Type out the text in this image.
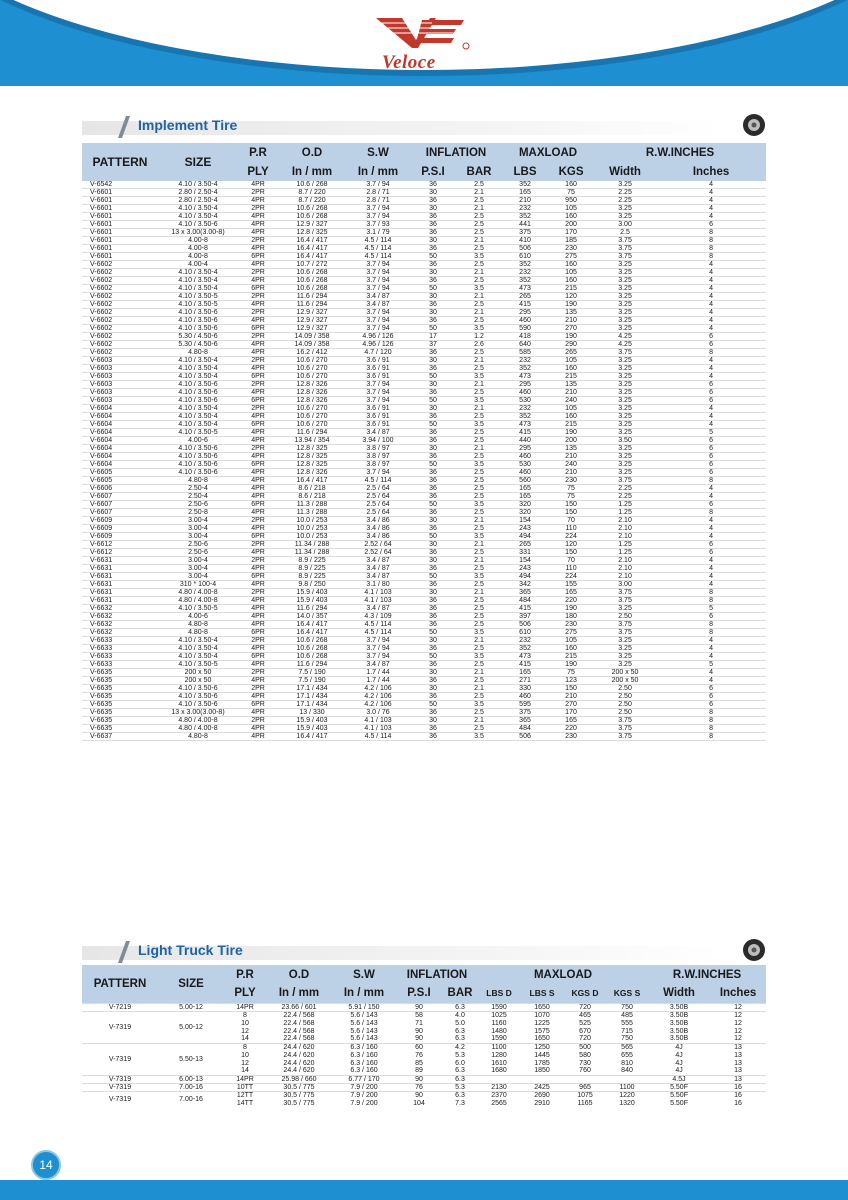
Veloce
Implement Tire
PATTERN	SIZE	P.R	O.D	S.W	INFLATION		MAXLOAD		R.W.INCHES	
		PLY	In / mm	In / mm	P.S.I	BAR	LBS	KGS	Width	Inches
V-6542	4.10 / 3.50-4	4PR	10.6 / 268	3.7 / 94	36	2.5	352	160	3.25	4
V-6601	2.80 / 2.50-4	2PR	8.7 / 220	2.8 / 71	30	2.1	165	75	2.25	4
V-6601	2.80 / 2.50-4	4PR	8.7 / 220	2.8 / 71	36	2.5	210	950	2.25	4
V-6601	4.10 / 3.50-4	2PR	10.6 / 268	3.7 / 94	30	2.1	232	105	3.25	4
V-6601	4.10 / 3.50-4	4PR	10.6 / 268	3.7 / 94	36	2.5	352	160	3.25	4
V-6601	4.10 / 3.50-6	4PR	12.9 / 327	3.7 / 93	36	2.5	441	200	3.00	6
V-6601	13 x 3.00(3.00-8)	4PR	12.8 / 325	3.1 / 79	36	2.5	375	170	2.5	8
V-6601	4.00-8	2PR	16.4 / 417	4.5 / 114	30	2.1	410	185	3.75	8
V-6601	4.00-8	4PR	16.4 / 417	4.5 / 114	36	2.5	506	230	3.75	8
V-6601	4.00-8	6PR	16.4 / 417	4.5 / 114	50	3.5	610	275	3.75	8
V-6602	4.00-4	4PR	10.7 / 272	3.7 / 94	36	2.5	352	160	3.25	4
V-6602	4.10 / 3.50-4	2PR	10.6 / 268	3.7 / 94	30	2.1	232	105	3.25	4
V-6602	4.10 / 3.50-4	4PR	10.6 / 268	3.7 / 94	36	2.5	352	160	3.25	4
V-6602	4.10 / 3.50-4	6PR	10.6 / 268	3.7 / 94	50	3.5	473	215	3.25	4
V-6602	4.10 / 3.50-5	2PR	11.6 / 294	3.4 / 87	30	2.1	265	120	3.25	4
V-6602	4.10 / 3.50-5	4PR	11.6 / 294	3.4 / 87	36	2.5	415	190	3.25	4
V-6602	4.10 / 3.50-6	2PR	12.9 / 327	3.7 / 94	30	2.1	295	135	3.25	4
V-6602	4.10 / 3.50-6	4PR	12.9 / 327	3.7 / 94	36	2.5	460	210	3.25	4
V-6602	4.10 / 3.50-6	6PR	12.9 / 327	3.7 / 94	50	3.5	590	270	3.25	4
V-6602	5.30 / 4.50-6	2PR	14.09 / 358	4.96 / 126	17	1.2	418	190	4.25	6
V-6602	5.30 / 4.50-6	4PR	14.09 / 358	4.96 / 126	37	2.6	640	290	4.25	6
V-6602	4.80-8	4PR	16.2 / 412	4.7 / 120	36	2.5	585	265	3.75	8
V-6603	4.10 / 3.50-4	2PR	10.6 / 270	3.6 / 91	30	2.1	232	105	3.25	4
V-6603	4.10 / 3.50-4	4PR	10.6 / 270	3.6 / 91	36	2.5	352	160	3.25	4
V-6603	4.10 / 3.50-4	6PR	10.6 / 270	3.6 / 91	50	3.5	473	215	3.25	4
V-6603	4.10 / 3.50-6	2PR	12.8 / 326	3.7 / 94	30	2.1	295	135	3.25	6
V-6603	4.10 / 3.50-6	4PR	12.8 / 326	3.7 / 94	36	2.5	460	210	3.25	6
V-6603	4.10 / 3.50-6	6PR	12.8 / 326	3.7 / 94	50	3.5	530	240	3.25	6
V-6604	4.10 / 3.50-4	2PR	10.6 / 270	3.6 / 91	30	2.1	232	105	3.25	4
V-6604	4.10 / 3.50-4	4PR	10.6 / 270	3.6 / 91	36	2.5	352	160	3.25	4
V-6604	4.10 / 3.50-4	6PR	10.6 / 270	3.6 / 91	50	3.5	473	215	3.25	4
V-6604	4.10 / 3.50-5	4PR	11.6 / 294	3.4 / 87	36	2.5	415	190	3.25	5
V-6604	4.00-6	4PR	13.94 / 354	3.94 / 100	36	2.5	440	200	3.50	6
V-6604	4.10 / 3.50-6	2PR	12.8 / 325	3.8 / 97	30	2.1	295	135	3.25	6
V-6604	4.10 / 3.50-6	4PR	12.8 / 325	3.8 / 97	36	2.5	460	210	3.25	6
V-6604	4.10 / 3.50-6	6PR	12.8 / 325	3.8 / 97	50	3.5	530	240	3.25	6
V-6605	4.10 / 3.50-6	4PR	12.8 / 326	3.7 / 94	36	2.5	460	210	3.25	6
V-6605	4.80-8	4PR	16.4 / 417	4.5 / 114	36	2.5	560	230	3.75	8
V-6606	2.50-4	4PR	8.6 / 218	2.5 / 64	36	2.5	165	75	2.25	4
V-6607	2.50-4	4PR	8.6 / 218	2.5 / 64	36	2.5	165	75	2.25	4
V-6607	2.50-6	6PR	11.3 / 288	2.5 / 64	50	3.5	320	150	1.25	6
V-6607	2.50-8	4PR	11.3 / 288	2.5 / 64	36	2.5	320	150	1.25	8
V-6609	3.00-4	2PR	10.0 / 253	3.4 / 86	30	2.1	154	70	2.10	4
V-6609	3.00-4	4PR	10.0 / 253	3.4 / 86	36	2.5	243	110	2.10	4
V-6609	3.00-4	6PR	10.0 / 253	3.4 / 86	50	3.5	494	224	2.10	4
V-6612	2.50-6	2PR	11.34 / 288	2.52 / 64	30	2.1	265	120	1.25	6
V-6612	2.50-6	4PR	11.34 / 288	2.52 / 64	36	2.5	331	150	1.25	6
V-6631	3.00-4	2PR	8.9 / 225	3.4 / 87	30	2.1	154	70	2.10	4
V-6631	3.00-4	4PR	8.9 / 225	3.4 / 87	36	2.5	243	110	2.10	4
V-6631	3.00-4	6PR	8.9 / 225	3.4 / 87	50	3.5	494	224	2.10	4
V-6631	310 * 100-4	4PR	9.8 / 250	3.1 / 80	36	2.5	342	155	3.00	4
V-6631	4.80 / 4.00-8	2PR	15.9 / 403	4.1 / 103	30	2.1	365	165	3.75	8
V-6631	4.80 / 4.00-8	4PR	15.9 / 403	4.1 / 103	36	2.5	484	220	3.75	8
V-6632	4.10 / 3.50-5	4PR	11.6 / 294	3.4 / 87	36	2.5	415	190	3.25	5
V-6632	4.00-6	4PR	14.0 / 357	4.3 / 109	36	2.5	397	180	2.50	6
V-6632	4.80-8	4PR	16.4 / 417	4.5 / 114	36	2.5	506	230	3.75	8
V-6632	4.80-8	6PR	16.4 / 417	4.5 / 114	50	3.5	610	275	3.75	8
V-6633	4.10 / 3.50-4	2PR	10.6 / 268	3.7 / 94	30	2.1	232	105	3.25	4
V-6633	4.10 / 3.50-4	4PR	10.6 / 268	3.7 / 94	36	2.5	352	160	3.25	4
V-6633	4.10 / 3.50-4	6PR	10.6 / 268	3.7 / 94	50	3.5	473	215	3.25	4
V-6633	4.10 / 3.50-5	4PR	11.6 / 294	3.4 / 87	36	2.5	415	190	3.25	5
V-6635	200 x 50	2PR	7.5 / 190	1.7 / 44	30	2.1	165	75	200 x 50	4
V-6635	200 x 50	4PR	7.5 / 190	1.7 / 44	36	2.5	271	123	200 x 50	4
V-6635	4.10 / 3.50-6	2PR	17.1 / 434	4.2 / 106	30	2.1	330	150	2.50	6
V-6635	4.10 / 3.50-6	4PR	17.1 / 434	4.2 / 106	36	2.5	460	210	2.50	6
V-6635	4.10 / 3.50-6	6PR	17.1 / 434	4.2 / 106	50	3.5	595	270	2.50	6
V-6635	13 x 3.00(3.00-8)	4PR	13 / 330	3.0 / 76	36	2.5	375	170	2.50	8
V-6635	4.80 / 4.00-8	2PR	15.9 / 403	4.1 / 103	30	2.1	365	165	3.75	8
V-6635	4.80 / 4.00-8	4PR	15.9 / 403	4.1 / 103	36	2.5	484	220	3.75	8
V-6637	4.80-8	4PR	16.4 / 417	4.5 / 114	36	3.5	506	230	3.75	8
Light Truck Tire
PATTERN	SIZE	P.R	O.D	S.W	INFLATION		MAXLOAD				R.W.INCHES	
		PLY	In / mm	In / mm	P.S.I	BAR	LBS D	LBS S	KGS D	KGS S	Width	Inches
V-7219	5.00-12	14PR	23.66 / 601	5.91 / 150	90	6.3	1590	1650	720	750	3.50B	12
V-7319	5.00-12	8	22.4 / 568	5.6 / 143	58	4.0	1025	1070	465	485	3.50B	12
		10	22.4 / 568	5.6 / 143	71	5.0	1160	1225	525	555	3.50B	12
		12	22.4 / 568	5.6 / 143	90	6.3	1480	1575	670	715	3.50B	12
		14	22.4 / 568	5.6 / 143	90	6.3	1590	1650	720	750	3.50B	12
V-7319	5.50-13	8	24.4 / 620	6.3 / 160	60	4.2	1100	1250	500	565	4J	13
		10	24.4 / 620	6.3 / 160	76	5.3	1280	1445	580	655	4J	13
		12	24.4 / 620	6.3 / 160	85	6.0	1610	1785	730	810	4J	13
		14	24.4 / 620	6.3 / 160	89	6.3	1680	1850	760	840	4J	13
V-7319	6.00-13	14PR	25.98 / 660	6.77 / 170	90	6.3					4.5J	13
V-7319	7.00-16	10TT	30.5 / 775	7.9 / 200	76	5.3	2130	2425	965	1100	5.50F	16
V-7319	7.00-16	12TT	30.5 / 775	7.9 / 200	90	6.3	2370	2690	1075	1220	5.50F	16
		14TT	30.5 / 775	7.9 / 200	104	7.3	2565	2910	1165	1320	5.50F	16
14
